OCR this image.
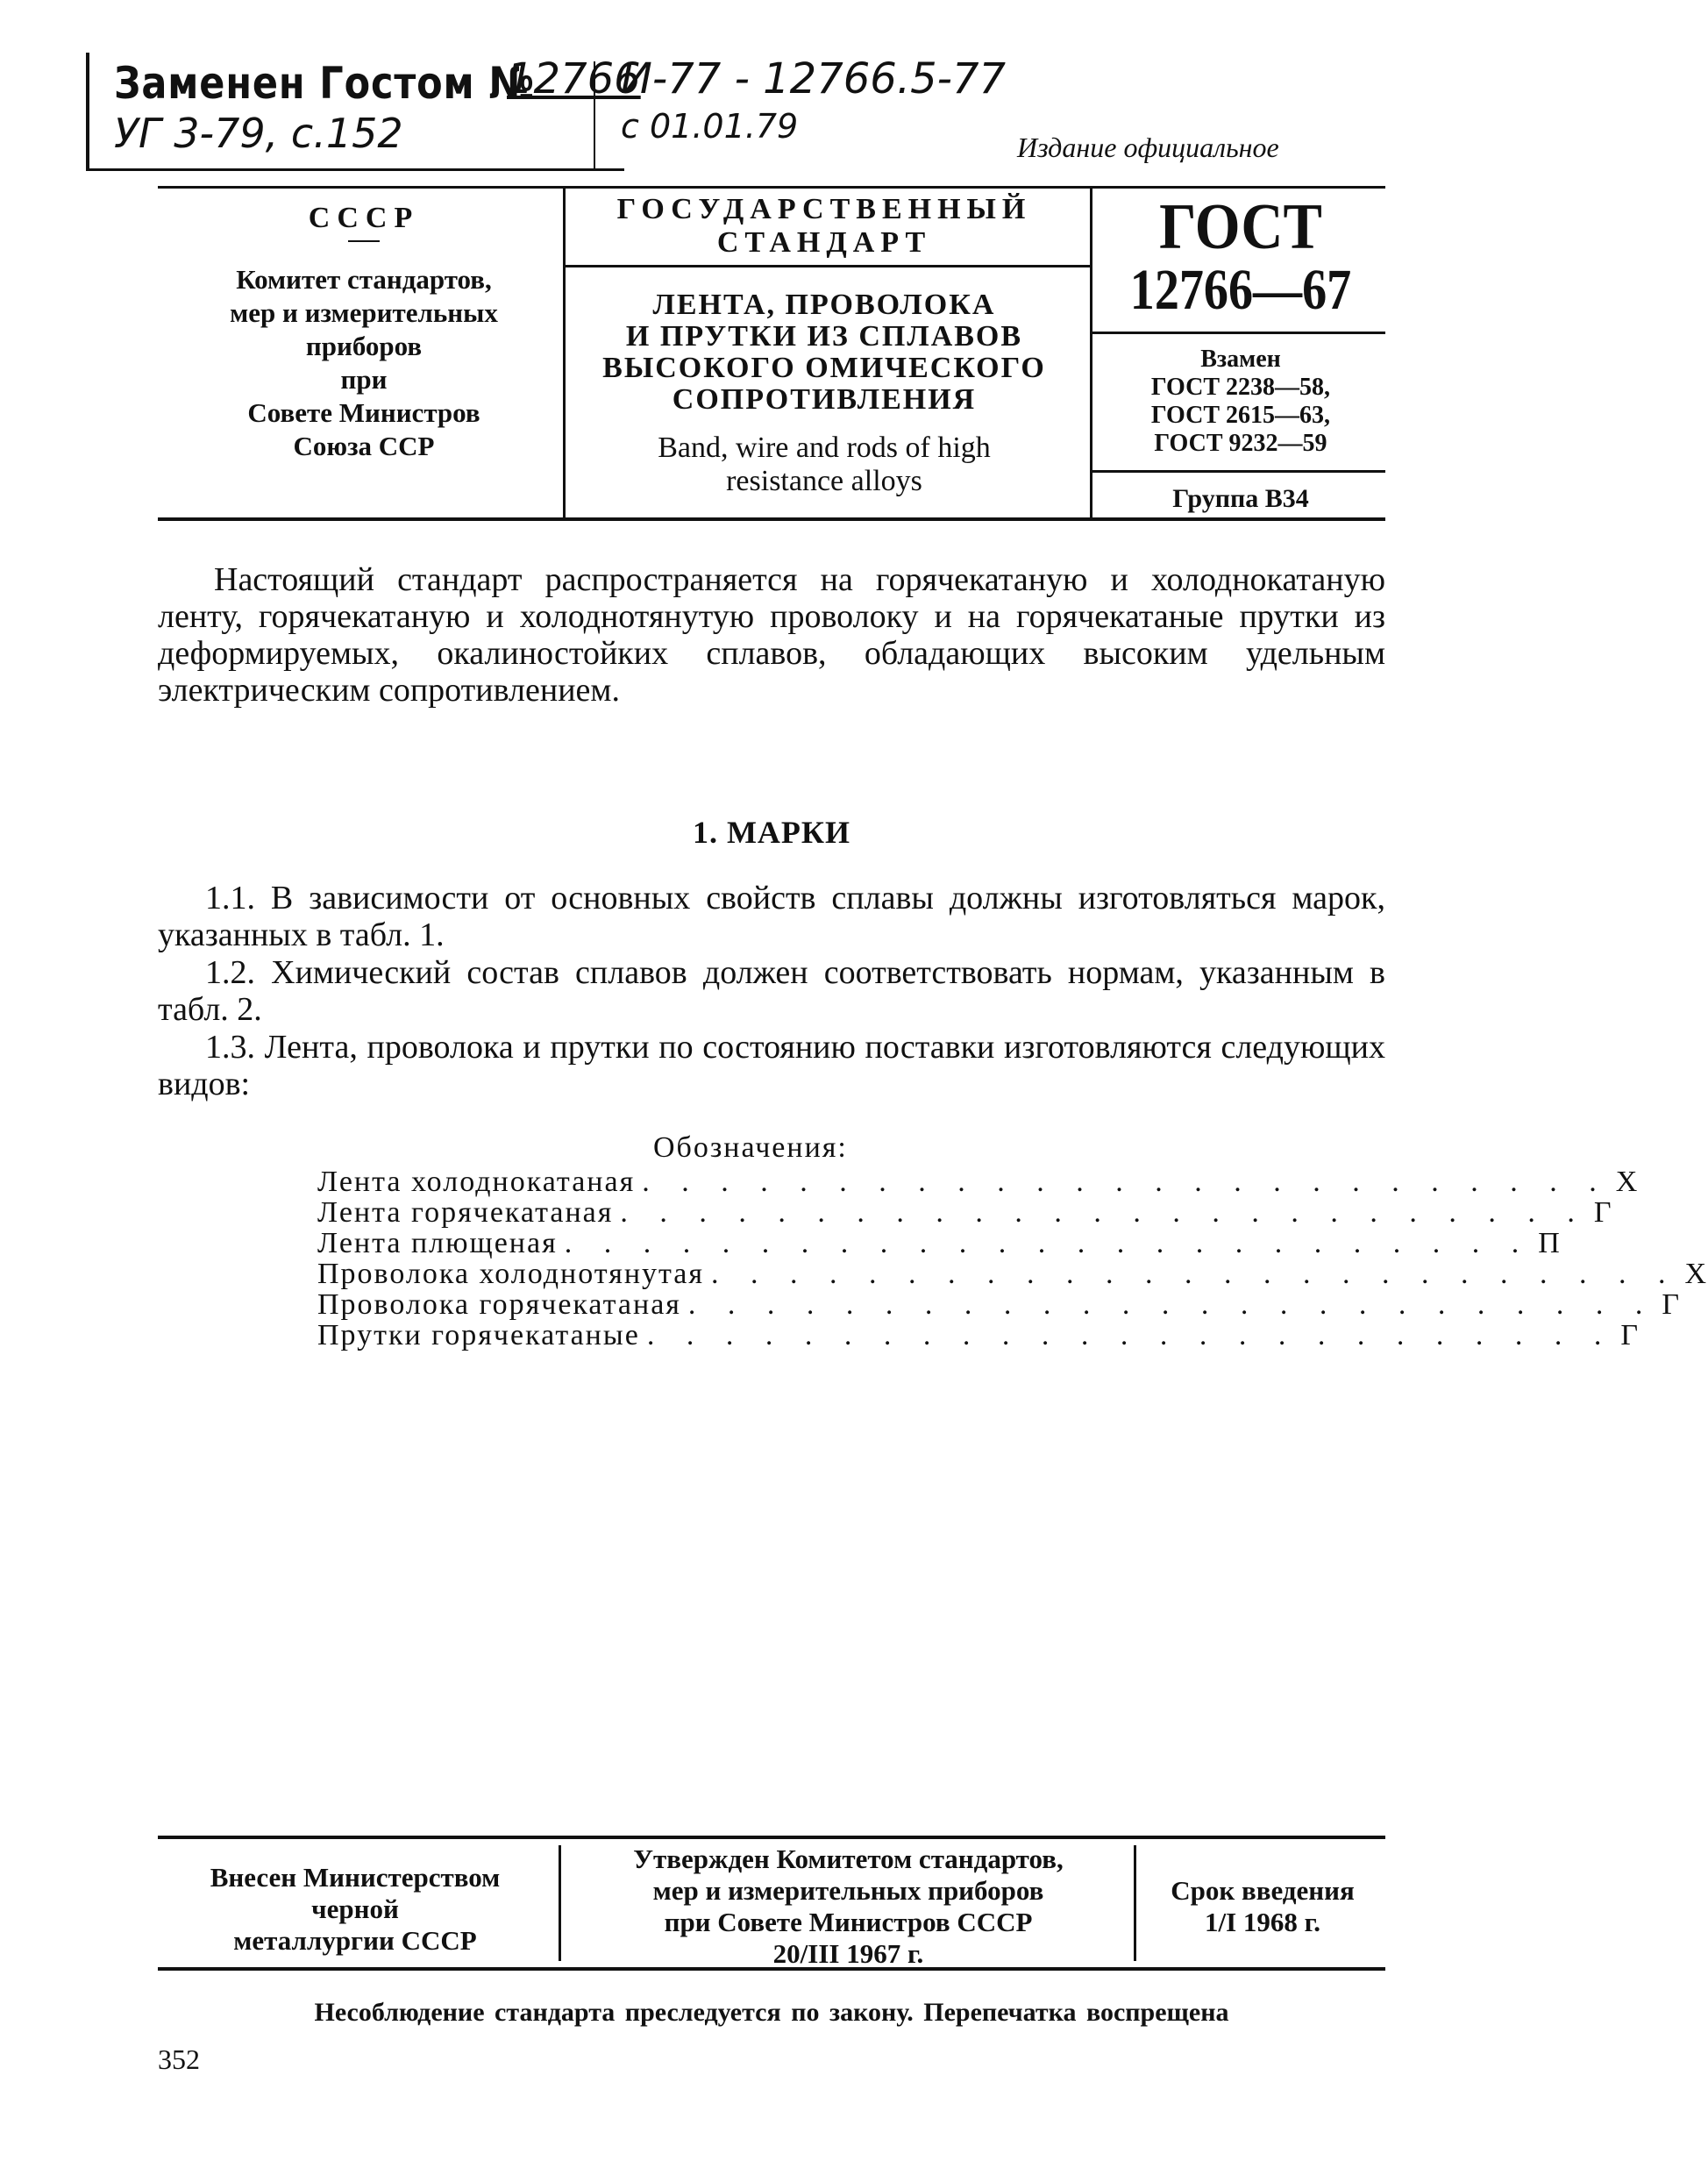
Заменен Гостом №
12766
УГ 3-79, с.152
И-77 - 12766.5-77
с 01.01.79
Издание официальное
СССР
Комитет стандартов,
мер и измерительных
приборов
при
Совете Министров
Союза ССР
ГОСУДАРСТВЕННЫЙ
СТАНДАРТ
ЛЕНТА, ПРОВОЛОКА
И ПРУТКИ ИЗ СПЛАВОВ
ВЫСОКОГО ОМИЧЕСКОГО
СОПРОТИВЛЕНИЯ
Band, wire and rods of high
resistance alloys
ГОСТ
12766—67
Взамен
ГОСТ 2238—58,
ГОСТ 2615—63,
ГОСТ 9232—59
Группа В34
Настоящий стандарт распространяется на горячекатаную и холоднокатаную ленту, горячекатаную и холоднотянутую проволоку и на горячекатаные прутки из деформируемых, окалиностойких сплавов, обладающих высоким удельным электрическим сопротивлением.
1. МАРКИ
1.1. В зависимости от основных свойств сплавы должны изготовляться марок, указанных в табл. 1.
1.2. Химический состав сплавов должен соответствовать нормам, указанным в табл. 2.
1.3. Лента, проволока и прутки по состоянию поставки изготовляются следующих видов:
Обозначения:
Лента холоднокатаная . . . . . . . . . . . . . . . . . . . . . . . . . Х
Лента горячекатаная . . . . . . . . . . . . . . . . . . . . . . . . . Г
Лента плющеная . . . . . . . . . . . . . . . . . . . . . . . . . П
Проволока холоднотянутая . . . . . . . . . . . . . . . . . . . . . . . . . Х
Проволока горячекатаная . . . . . . . . . . . . . . . . . . . . . . . . . Г
Прутки горячекатаные . . . . . . . . . . . . . . . . . . . . . . . . . Г
Внесен Министерством
черной
металлургии СССР
Утвержден Комитетом стандартов,
мер и измерительных приборов
при Совете Министров СССР
20/III 1967 г.
Срок введения
1/I 1968 г.
Несоблюдение стандарта преследуется по закону. Перепечатка воспрещена
352
